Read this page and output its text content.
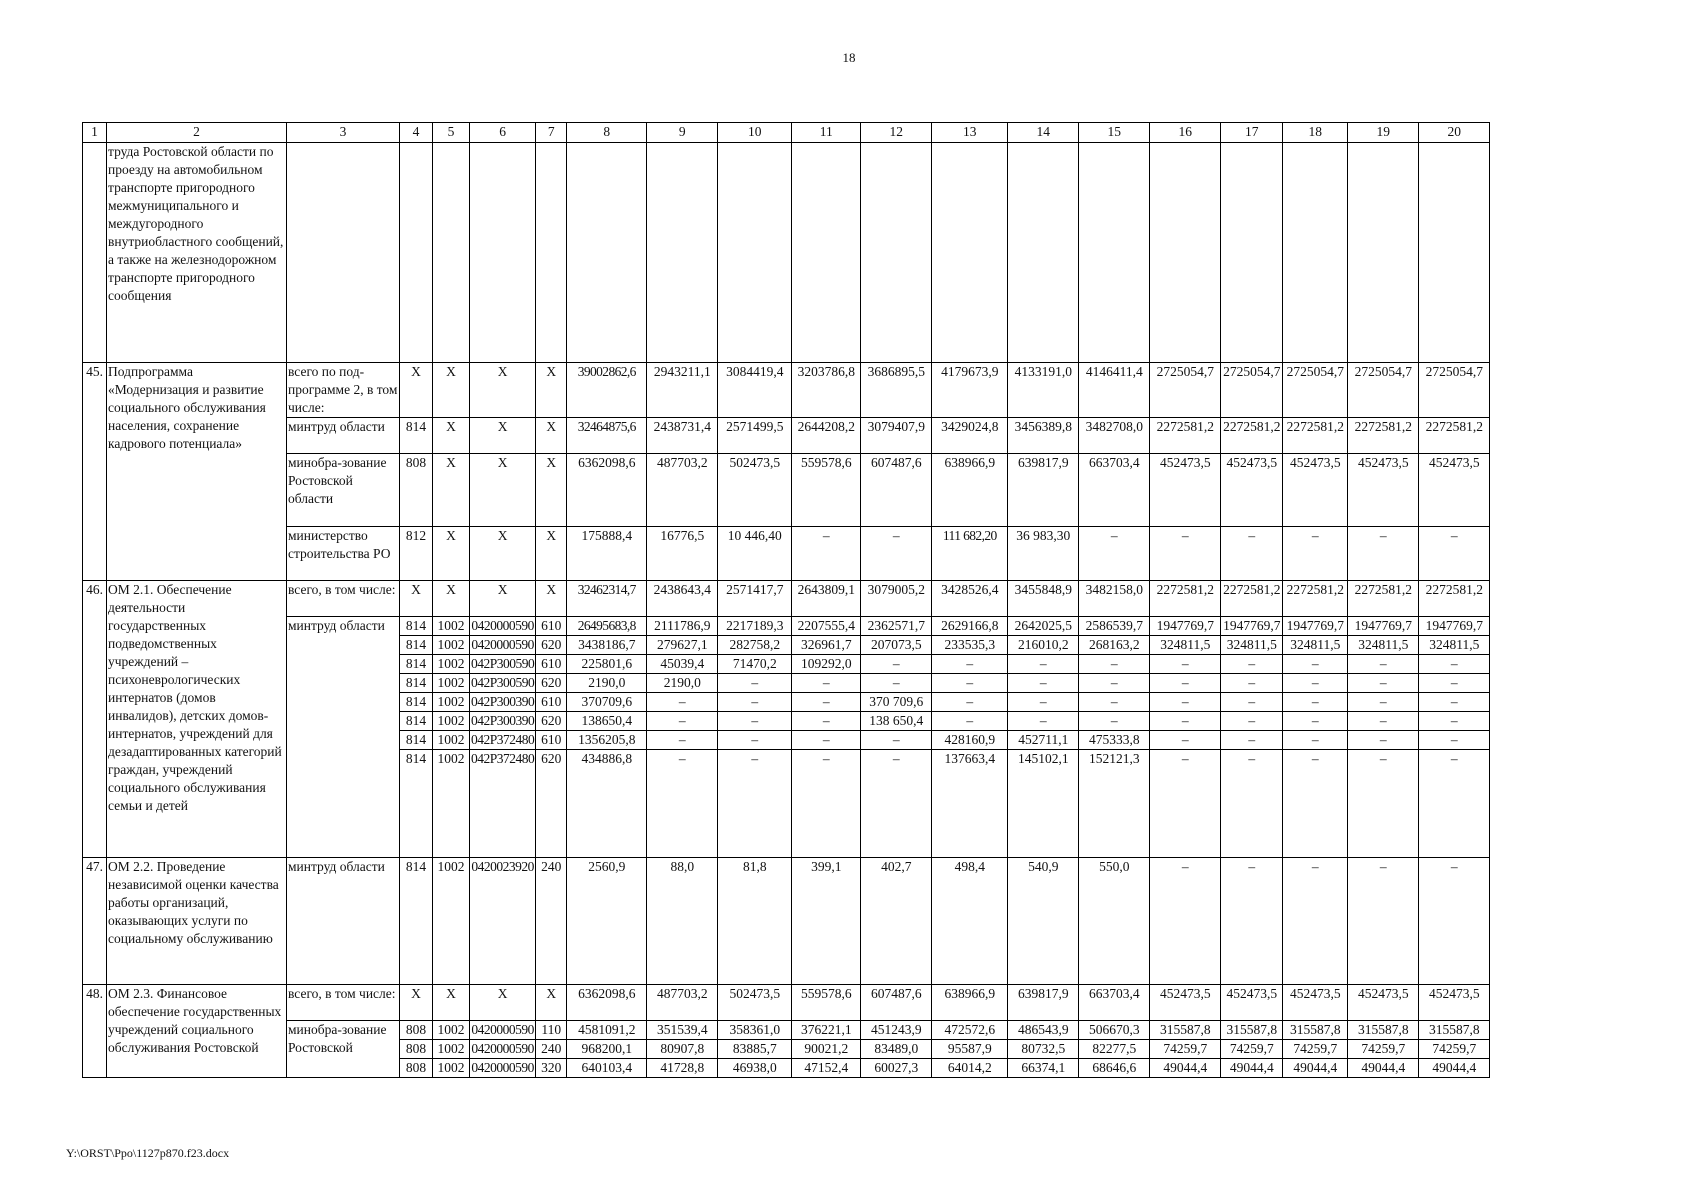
18
1	2	3	4	5	6	7	8	9	10	11	12	13	14	15	16	17	18	19	20
	труда Ростовской области по проезду на автомобильном транспорте пригородного межмуниципального и междугородного внутриобластного сообщений, а также на железнодорожном транспорте пригородного сообщения																		
45.	Подпрограмма «Модернизация и развитие социального обслуживания населения, сохранение кадрового потенциала»	всего по под-программе 2, в том числе:	Х	Х	Х	Х	39002862,6	2943211,1	3084419,4	3203786,8	3686895,5	4179673,9	4133191,0	4146411,4	2725054,7	2725054,7	2725054,7	2725054,7	2725054,7
		минтруд области	814	Х	Х	Х	32464875,6	2438731,4	2571499,5	2644208,2	3079407,9	3429024,8	3456389,8	3482708,0	2272581,2	2272581,2	2272581,2	2272581,2	2272581,2
		минобра-зование Ростовской области	808	Х	Х	Х	6362098,6	487703,2	502473,5	559578,6	607487,6	638966,9	639817,9	663703,4	452473,5	452473,5	452473,5	452473,5	452473,5
		министерство строительства РО	812	Х	Х	Х	175888,4	16776,5	10 446,40	–	–	111 682,20	36 983,30	–	–	–	–	–	–
46.	ОМ 2.1. Обеспечение деятельности государственных подведомственных учреждений – психоневрологических интернатов (домов инвалидов), детских домов-интернатов, учреждений для дезадаптированных категорий граждан, учреждений социального обслуживания семьи и детей	всего, в том числе:	Х	Х	Х	Х	32462314,7	2438643,4	2571417,7	2643809,1	3079005,2	3428526,4	3455848,9	3482158,0	2272581,2	2272581,2	2272581,2	2272581,2	2272581,2
		минтруд области	814	1002	0420000590	610	26495683,8	2111786,9	2217189,3	2207555,4	2362571,7	2629166,8	2642025,5	2586539,7	1947769,7	1947769,7	1947769,7	1947769,7	1947769,7
			814	1002	0420000590	620	3438186,7	279627,1	282758,2	326961,7	207073,5	233535,3	216010,2	268163,2	324811,5	324811,5	324811,5	324811,5	324811,5
			814	1002	042P300590	610	225801,6	45039,4	71470,2	109292,0	–	–	–	–	–	–	–	–	–
			814	1002	042P300590	620	2190,0	2190,0	–	–	–	–	–	–	–	–	–	–	–
			814	1002	042P300390	610	370709,6	–	–	–	370 709,6	–	–	–	–	–	–	–	–
			814	1002	042P300390	620	138650,4	–	–	–	138 650,4	–	–	–	–	–	–	–	–
			814	1002	042P372480	610	1356205,8	–	–	–	–	428160,9	452711,1	475333,8	–	–	–	–	–
			814	1002	042P372480	620	434886,8	–	–	–	–	137663,4	145102,1	152121,3	–	–	–	–	–
47.	ОМ 2.2. Проведение независимой оценки качества работы организаций, оказывающих услуги по социальному обслуживанию	минтруд области	814	1002	0420023920	240	2560,9	88,0	81,8	399,1	402,7	498,4	540,9	550,0	–	–	–	–	–
48.	ОМ 2.3. Финансовое обеспечение государственных учреждений социального обслуживания Ростовской	всего, в том числе:	Х	Х	Х	Х	6362098,6	487703,2	502473,5	559578,6	607487,6	638966,9	639817,9	663703,4	452473,5	452473,5	452473,5	452473,5	452473,5
		минобра-зование Ростовской	808	1002	0420000590	110	4581091,2	351539,4	358361,0	376221,1	451243,9	472572,6	486543,9	506670,3	315587,8	315587,8	315587,8	315587,8	315587,8
			808	1002	0420000590	240	968200,1	80907,8	83885,7	90021,2	83489,0	95587,9	80732,5	82277,5	74259,7	74259,7	74259,7	74259,7	74259,7
			808	1002	0420000590	320	640103,4	41728,8	46938,0	47152,4	60027,3	64014,2	66374,1	68646,6	49044,4	49044,4	49044,4	49044,4	49044,4
Y:\ORST\Ppo\1127p870.f23.docx
